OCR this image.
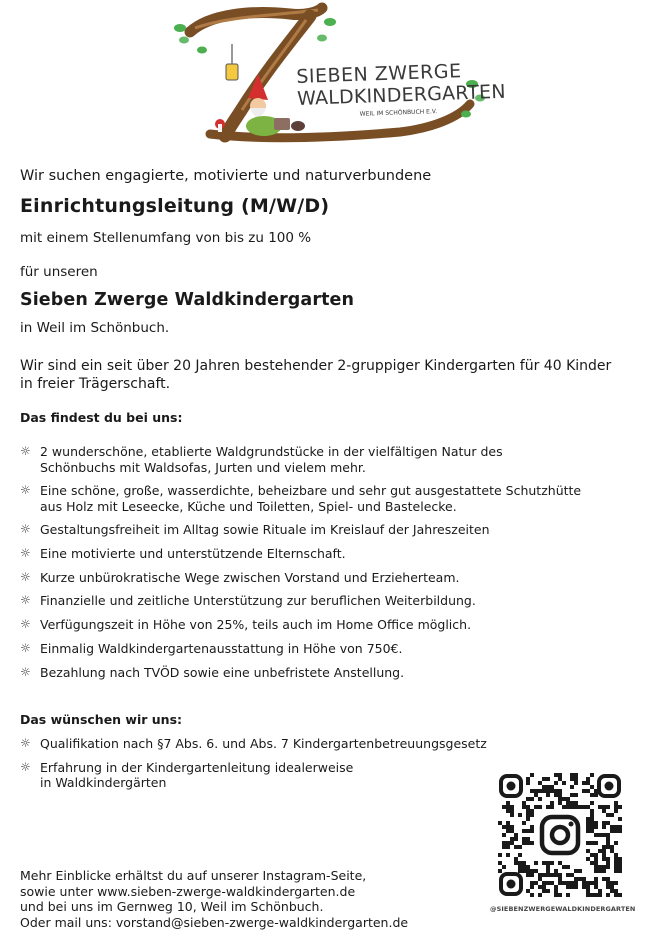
SIEBEN ZWERGE
WALDKINDERGARTEN
WEIL IM SCHÖNBUCH E.V.
Wir suchen engagierte, motivierte und naturverbundene
Einrichtungsleitung (M/W/D)
mit einem Stellenumfang von bis zu 100 %
für unseren
Sieben Zwerge Waldkindergarten
in Weil im Schönbuch.
Wir sind ein seit über 20 Jahren bestehender 2-gruppiger Kindergarten für 40 Kinder in freier Trägerschaft.
Das findest du bei uns:
☼ 2 wunderschöne, etablierte Waldgrundstücke in der vielfältigen Natur des
Schönbuchs mit Waldsofas, Jurten und vielem mehr.
☼ Eine schöne, große, wasserdichte, beheizbare und sehr gut ausgestattete Schutzhütte
aus Holz mit Leseecke, Küche und Toiletten, Spiel- und Bastelecke.
☼ Gestaltungsfreiheit im Alltag sowie Rituale im Kreislauf der Jahreszeiten
☼ Eine motivierte und unterstützende Elternschaft.
☼ Kurze unbürokratische Wege zwischen Vorstand und Erzieherteam.
☼ Finanzielle und zeitliche Unterstützung zur beruflichen Weiterbildung.
☼ Verfügungszeit in Höhe von 25%, teils auch im Home Office möglich.
☼ Einmalig Waldkindergartenausstattung in Höhe von 750€.
☼ Bezahlung nach TVÖD sowie eine unbefristete Anstellung.
Das wünschen wir uns:
☼ Qualifikation nach §7 Abs. 6. und Abs. 7 Kindergartenbetreuungsgesetz
☼ Erfahrung in der Kindergartenleitung idealerweise
in Waldkindergärten
@SIEBENZWERGEWALDKINDERGARTEN
Mehr Einblicke erhältst du auf unserer Instagram-Seite,
sowie unter www.sieben-zwerge-waldkindergarten.de
und bei uns im Gernweg 10, Weil im Schönbuch.
Oder mail uns: vorstand@sieben-zwerge-waldkindergarten.de
